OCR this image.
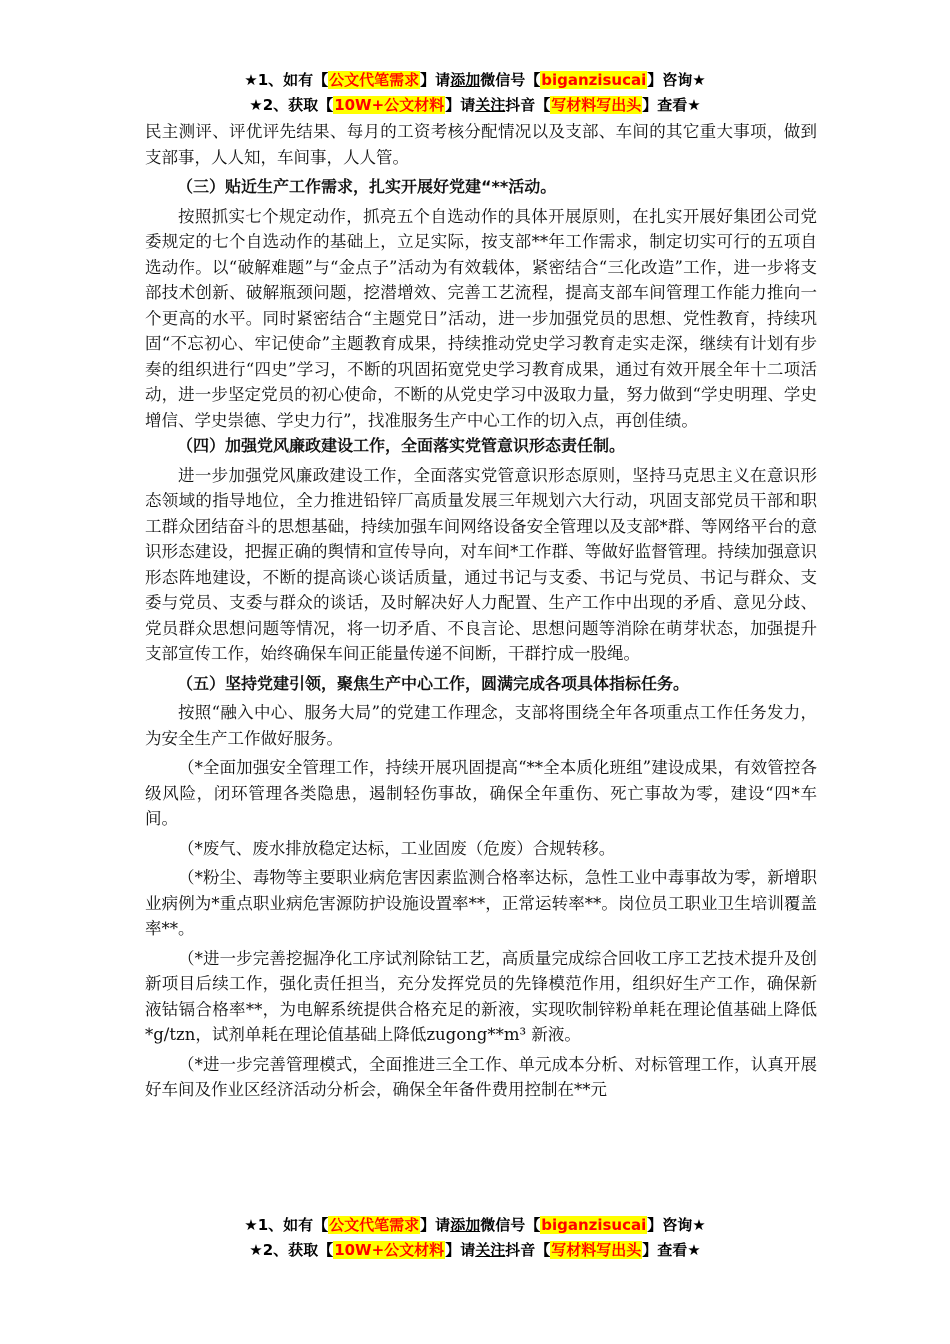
★1、如有【公文代笔需求】请添加微信号【biganzisucai】咨询★
★2、获取【10W+公文材料】请关注抖音【写材料写出头】查看★

民主测评、评优评先结果、每月的工资考核分配情况以及支部、车间的其它重大事项，做到支部事，人人知，车间事，人人管。

（三）贴近生产工作需求，扎实开展好党建“**活动。

按照抓实七个规定动作，抓亮五个自选动作的具体开展原则，在扎实开展好集团公司党委规定的七个自选动作的基础上，立足实际，按支部**年工作需求，制定切实可行的五项自选动作。以“破解难题”与“金点子”活动为有效载体，紧密结合“三化改造”工作，进一步将支部技术创新、破解瓶颈问题，挖潜增效、完善工艺流程，提高支部车间管理工作能力推向一个更高的水平。同时紧密结合“主题党日”活动，进一步加强党员的思想、党性教育，持续巩固“不忘初心、牢记使命”主题教育成果，持续推动党史学习教育走实走深，继续有计划有步奏的组织进行“四史”学习，不断的巩固拓宽党史学习教育成果，通过有效开展全年十二项活动，进一步坚定党员的初心使命，不断的从党史学习中汲取力量，努力做到“学史明理、学史增信、学史崇德、学史力行”，找准服务生产中心工作的切入点，再创佳绩。

（四）加强党风廉政建设工作，全面落实党管意识形态责任制。

进一步加强党风廉政建设工作，全面落实党管意识形态原则，坚持马克思主义在意识形态领域的指导地位，全力推进铅锌厂高质量发展三年规划六大行动，巩固支部党员干部和职工群众团结奋斗的思想基础，持续加强车间网络设备安全管理以及支部*群、等网络平台的意识形态建设，把握正确的舆情和宣传导向，对车间*工作群、等做好监督管理。持续加强意识形态阵地建设，不断的提高谈心谈话质量，通过书记与支委、书记与党员、书记与群众、支委与党员、支委与群众的谈话，及时解决好人力配置、生产工作中出现的矛盾、意见分歧、党员群众思想问题等情况，将一切矛盾、不良言论、思想问题等消除在萌芽状态，加强提升支部宣传工作，始终确保车间正能量传递不间断，干群拧成一股绳。

（五）坚持党建引领，聚焦生产中心工作，圆满完成各项具体指标任务。

按照“融入中心、服务大局”的党建工作理念，支部将围绕全年各项重点工作任务发力，为安全生产工作做好服务。

（*全面加强安全管理工作，持续开展巩固提高“**全本质化班组”建设成果，有效管控各级风险，闭环管理各类隐患，遏制轻伤事故，确保全年重伤、死亡事故为零，建设“四*车间。

（*废气、废水排放稳定达标，工业固废（危废）合规转移。

（*粉尘、毒物等主要职业病危害因素监测合格率达标，急性工业中毒事故为零，新增职业病例为*重点职业病危害源防护设施设置率**，正常运转率**。岗位员工职业卫生培训覆盖率**。

（*进一步完善挖掘净化工序试剂除钴工艺，高质量完成综合回收工序工艺技术提升及创新项目后续工作，强化责任担当，充分发挥党员的先锋模范作用，组织好生产工作，确保新液钴镉合格率**，为电解系统提供合格充足的新液，实现吹制锌粉单耗在理论值基础上降低*g/tzn，试剂单耗在理论值基础上降低zugong**m³ 新液。

（*进一步完善管理模式，全面推进三全工作、单元成本分析、对标管理工作，认真开展好车间及作业区经济活动分析会，确保全年备件费用控制在**元

★1、如有【公文代笔需求】请添加微信号【biganzisucai】咨询★
★2、获取【10W+公文材料】请关注抖音【写材料写出头】查看★
